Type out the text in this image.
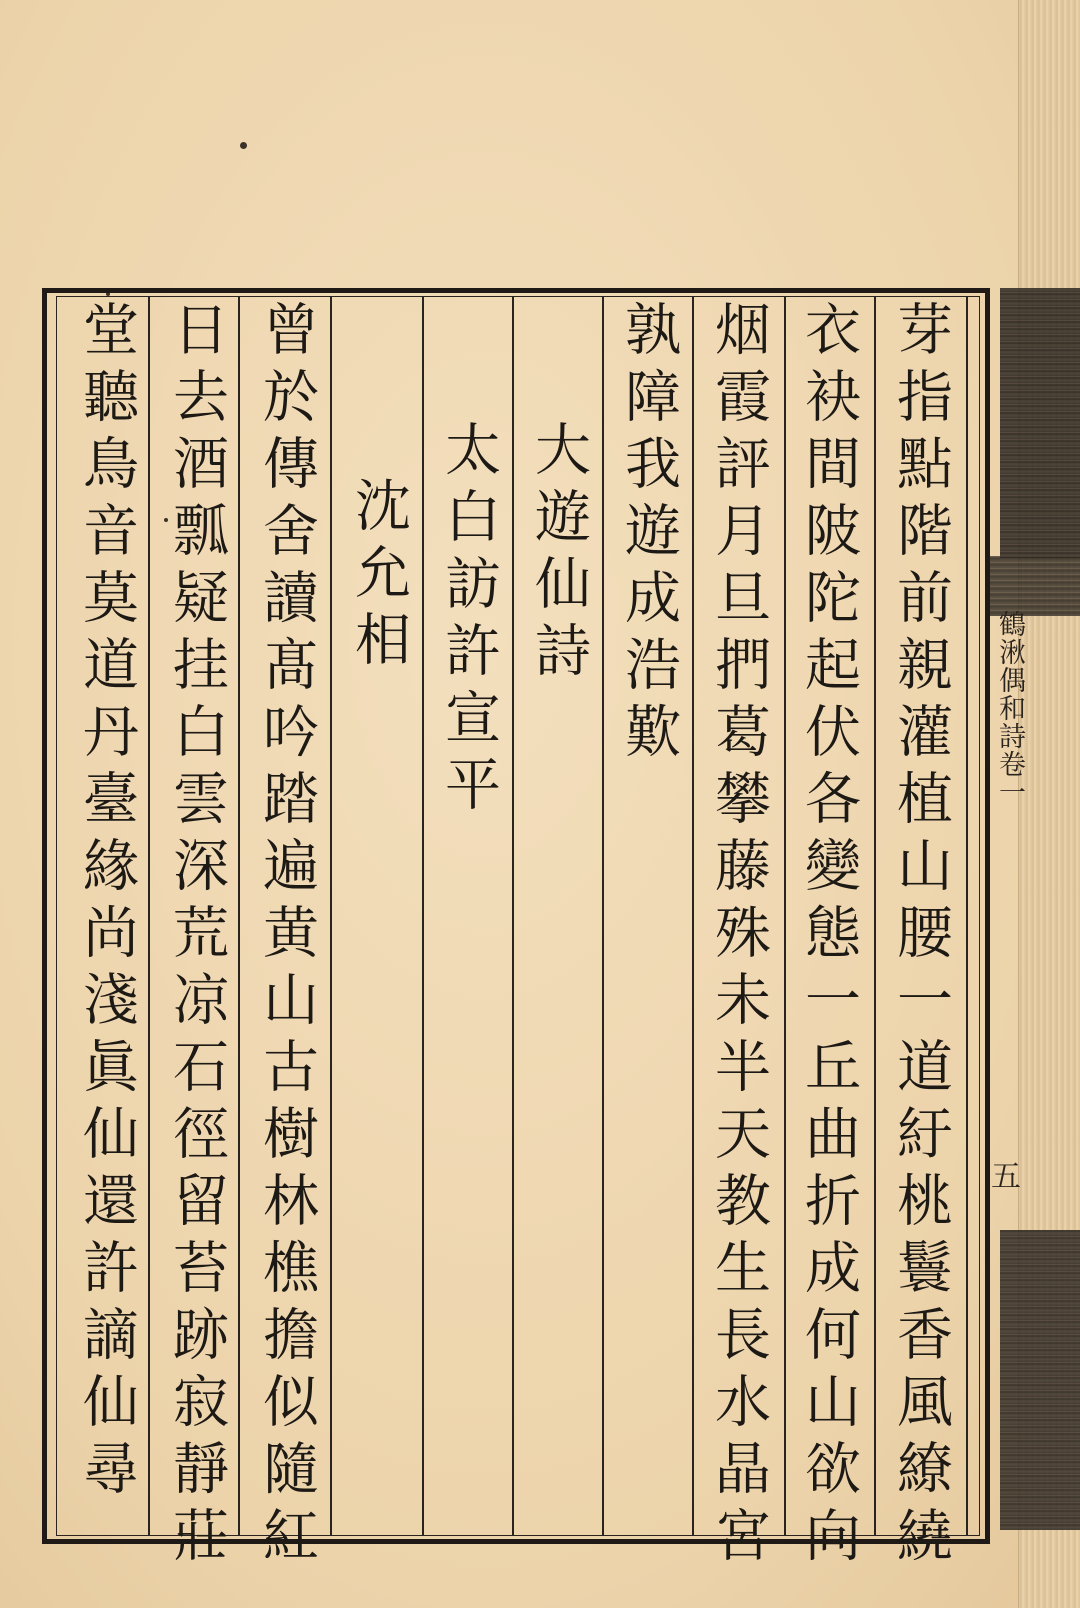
鶴湫偶和詩卷一
五
芽指點階前親灌植山腰一道紆桃鬟香風繚繞
衣袂間陂陀起伏各變態一丘曲折成何山欲向
烟霞評月旦捫葛攀藤殊未半天教生長水晶宮
孰障我遊成浩歎
大遊仙詩
太白訪許宣平
沈允相
曾於傳舍讀髙吟踏遍黄山古樹林樵擔似隨紅
日去酒瓢疑挂白雲深荒凉石徑留苔跡寂靜莊
堂聽鳥音莫道丹臺緣尚淺眞仙還許謫仙尋
